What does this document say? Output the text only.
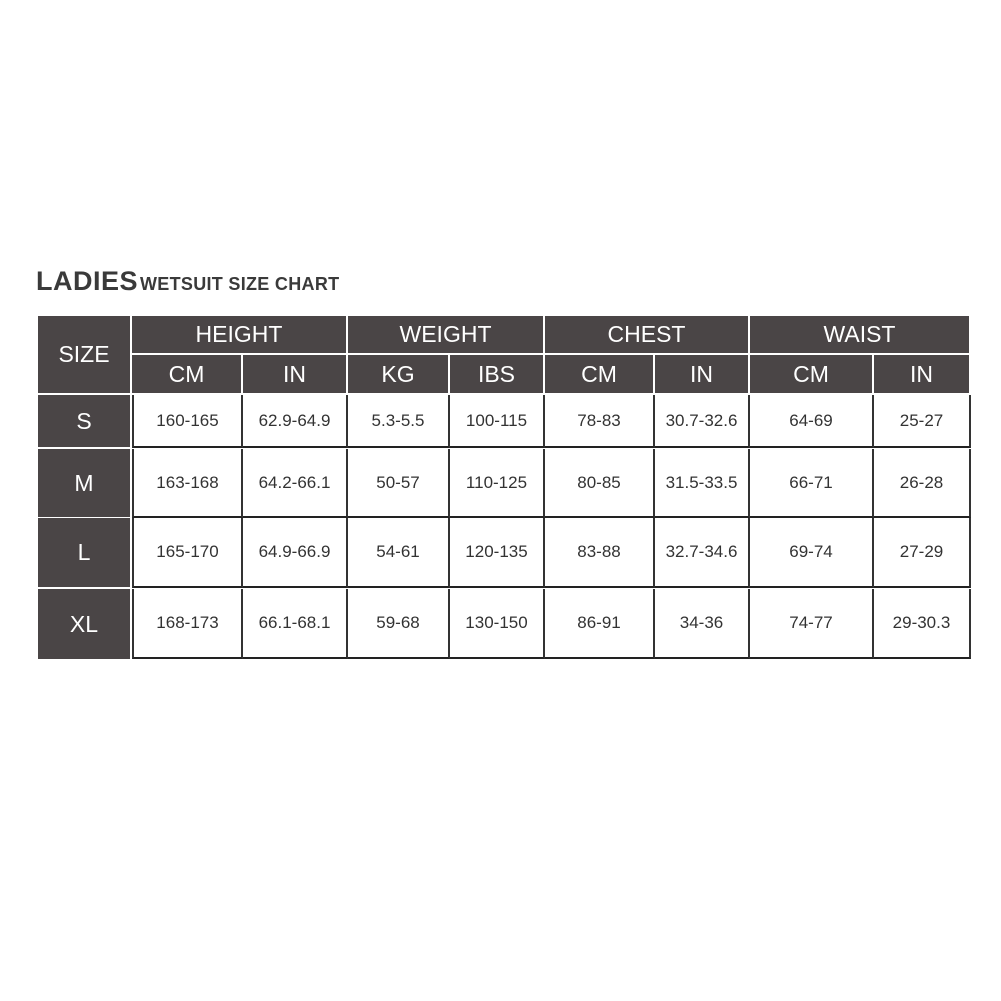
LADIES WETSUIT SIZE CHART
SIZE
HEIGHT
CM	IN
WEIGHT
KG	IBS
CHEST
CM	IN
WAIST
CM	IN
S	160-165	62.9-64.9	5.3-5.5	100-115	78-83	30.7-32.6	64-69	25-27
M	163-168	64.2-66.1	50-57	110-125	80-85	31.5-33.5	66-71	26-28
L	165-170	64.9-66.9	54-61	120-135	83-88	32.7-34.6	69-74	27-29
XL	168-173	66.1-68.1	59-68	130-150	86-91	34-36	74-77	29-30.3
